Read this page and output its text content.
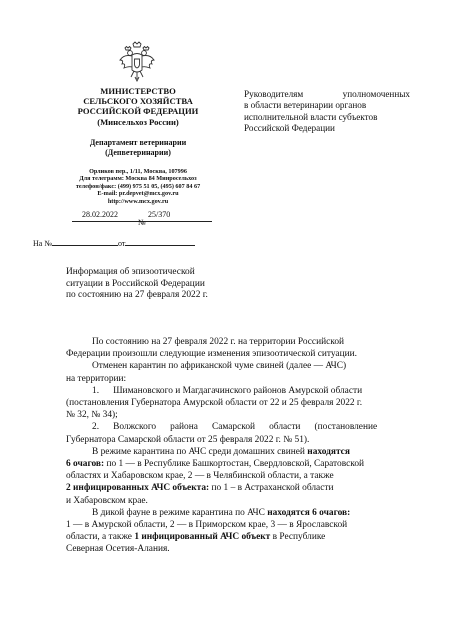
МИНИСТЕРСТВО
СЕЛЬСКОГО ХОЗЯЙСТВА
РОССИЙСКОЙ ФЕДЕРАЦИИ
(Минсельхоз России)
Департамент ветеринарии
(Депветеринарии)
Орликов пер., 1/11, Москва, 107996
Для телеграмм: Москва 84 Минросельхоз
телефон/факс: (499) 975 51 05, (495) 607 84 67
E-mail: pr.depvet@mcx.gov.ru
http://www.mcx.gov.ru
28.02.2022	25/370
№
На №	от
Руководителям	уполномоченных
в области ветеринарии органов
исполнительной власти субъектов
Российской Федерации
Информация об эпизоотической
ситуации в Российской Федерации
по состоянию на 27 февраля 2022 г.
По состоянию на 27 февраля 2022 г. на территории Российской
Федерации произошли следующие изменения эпизоотической ситуации.
Отменен карантин по африканской чуме свиней (далее — АЧС)
на территории:
1.      Шимановского и Магдагачинского районов Амурской области
(постановления Губернатора Амурской области от 22 и 25 февраля 2022 г.
№ 32, № 34);
2.      Волжского      района      Самарской      области      (постановление
Губернатора Самарской области от 25 февраля 2022 г. № 51).
В режиме карантина по АЧС среди домашних свиней находятся
6 очагов: по 1 — в Республике Башкортостан, Свердловской, Саратовской
областях и Хабаровском крае, 2 — в Челябинской области, а также
2 инфицированных АЧС объекта: по 1 – в Астраханской области
и Хабаровском крае.
В дикой фауне в режиме карантина по АЧС находятся 6 очагов:
1 — в Амурской области, 2 — в Приморском крае, 3 — в Ярославской
области, а также 1 инфицированный АЧС объект в Республике
Северная Осетия-Алания.
